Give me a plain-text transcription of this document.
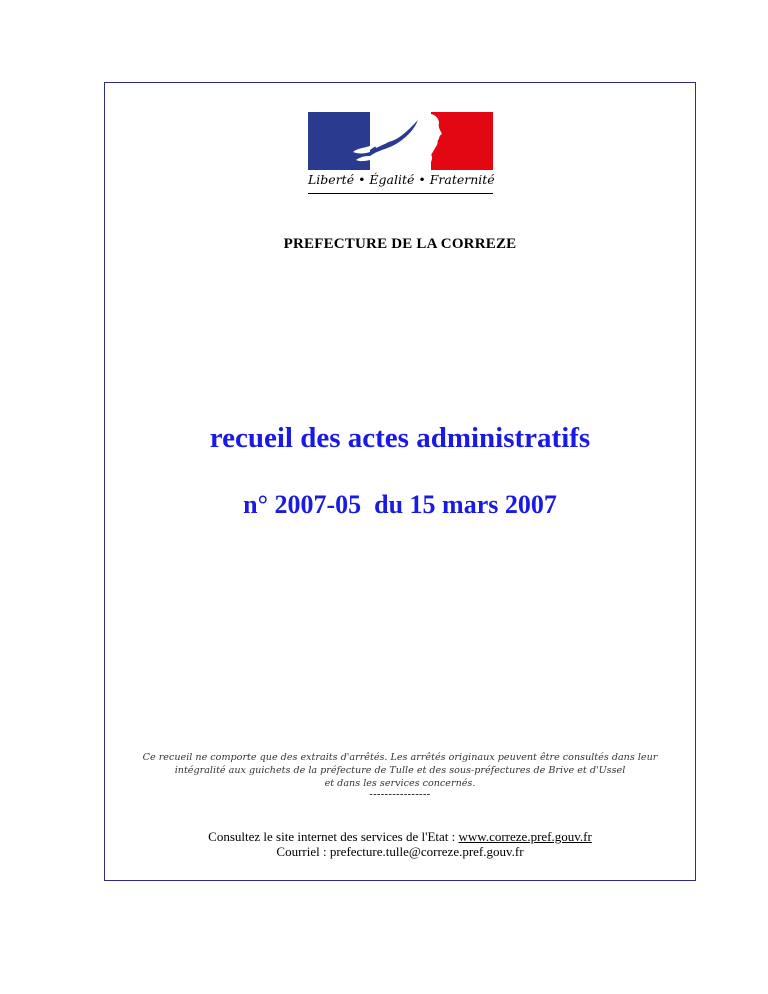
Liberté • Égalité • Fraternité
PREFECTURE DE LA CORREZE
recueil des actes administratifs
n° 2007-05  du 15 mars 2007
Ce recueil ne comporte que des extraits d'arrêtés. Les arrêtés originaux peuvent être consultés dans leur
intégralité aux guichets de la préfecture de Tulle et des sous-préfectures de Brive et d'Ussel
et dans les services concernés.
----------------
Consultez le site internet des services de l'Etat : www.correze.pref.gouv.fr
Courriel : prefecture.tulle@correze.pref.gouv.fr
